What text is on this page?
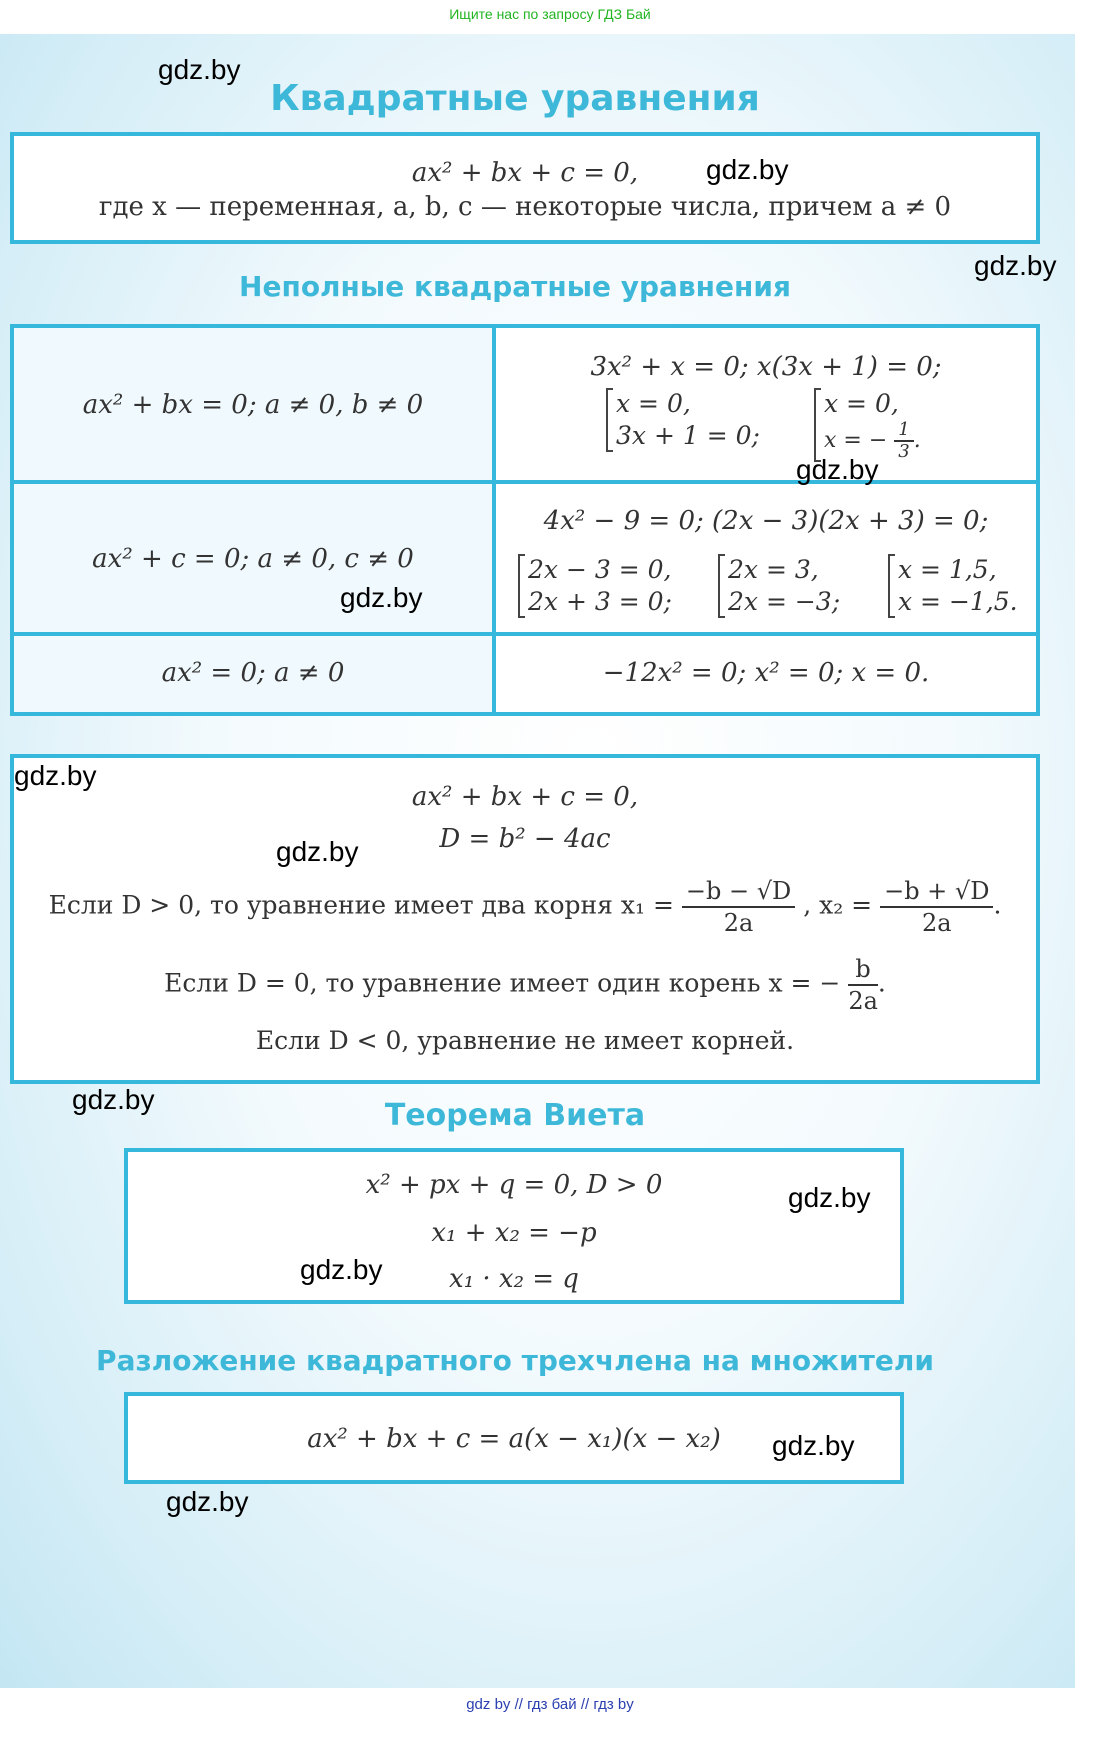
Ищите нас по запросу ГДЗ Бай
Квадратные уравнения
ax² + bx + c = 0,
где x — переменная, a, b, c — некоторые числа, причем a ≠ 0
Неполные квадратные уравнения
ax² + bx = 0; a ≠ 0, b ≠ 0
3x² + x = 0; x(3x + 1) = 0;
x = 0,
3x + 1 = 0;
x = 0,
x = − $\frac{1}{3}$ .
ax² + c = 0; a ≠ 0, c ≠ 0
4x² − 9 = 0; (2x − 3)(2x + 3) = 0;
2x − 3 = 0,
2x + 3 = 0;
2x = 3,
2x = −3;
x = 1,5,
x = −1,5.
ax² = 0; a ≠ 0	−12x² = 0; x² = 0; x = 0.
ax² + bx + c = 0,
D = b² − 4ac
Если D > 0, то уравнение имеет два корня $x_1 = \frac{-b - √D}{2a}$ , $x_2 = \frac{-b + √D}{2a}$ .
Если D = 0, то уравнение имеет один корень x = − $\frac{b}{2a}$ .
Если D < 0, уравнение не имеет корней.
Теорема Виета
x² + px + q = 0, D > 0
x₁ + x₂ = −p
x₁ · x₂ = q
Разложение квадратного трехчлена на множители
ax² + bx + c = a(x − x₁)(x − x₂)
gdz.by
gdz.by
gdz.by
gdz.by
gdz.by
gdz.by
gdz.by
gdz.by
gdz.by
gdz.by
gdz.by
gdz.by
gdz by // гдз бай // гдз by
